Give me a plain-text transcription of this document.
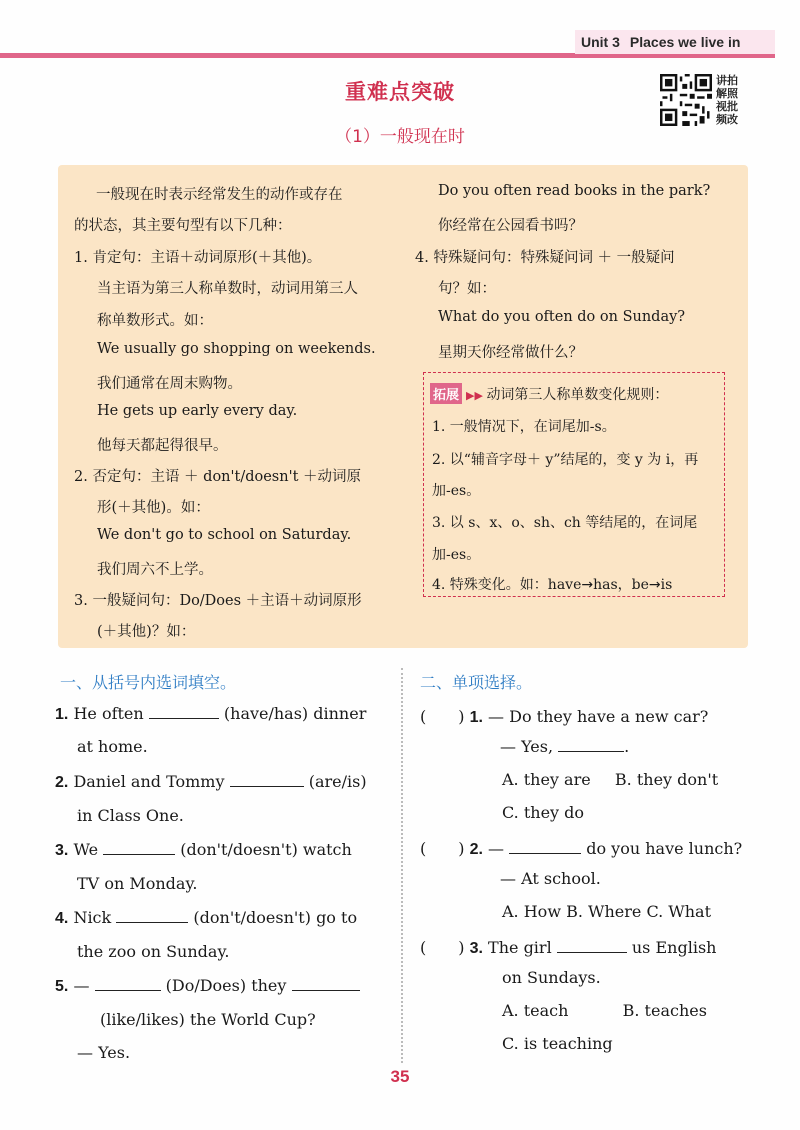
Unit 3 Places we live in
讲拍
解照
视批
频改
重难点突破
（1）一般现在时
一般现在时表示经常发生的动作或存在
的状态，其主要句型有以下几种：
1. 肯定句：主语＋动词原形(＋其他)。
当主语为第三人称单数时，动词用第三人
称单数形式。如：
We usually go shopping on weekends.
我们通常在周末购物。
He gets up early every day.
他每天都起得很早。
2. 否定句：主语 ＋ don't/doesn't ＋动词原
形(＋其他)。如：
We don't go to school on Saturday.
我们周六不上学。
3. 一般疑问句：Do/Does ＋主语＋动词原形
(＋其他)？如：
Do you often read books in the park?
你经常在公园看书吗？
4. 特殊疑问句：特殊疑问词 ＋ 一般疑问
句？如：
What do you often do on Sunday?
星期天你经常做什么？
拓展 ▶▶ 动词第三人称单数变化规则：
1. 一般情况下，在词尾加-s。
2. 以“辅音字母＋ y”结尾的，变 y 为 i，再
加-es。
3. 以 s、x、o、sh、ch 等结尾的，在词尾
加-es。
4. 特殊变化。如：have→has，be→is
一、从括号内选词填空。	二、单项选择。
1. He often	(have/has) dinner
at home.
2. Daniel and Tommy	(are/is)
in Class One.
3. We	(don't/doesn't) watch
TV on Monday.
4. Nick	(don't/doesn't) go to
the zoo on Sunday.
5. —	(Do/Does) they
(like/likes) the World Cup?
— Yes.
(　　) 1. — Do they have a new car?
— Yes,	.
A. they are B. they don't
C. they do
(　　) 2. —	do you have lunch?
— At school.
A. How B. Where C. What
(　　) 3. The girl	us English
on Sundays.
A. teach	B. teaches
C. is teaching
35
